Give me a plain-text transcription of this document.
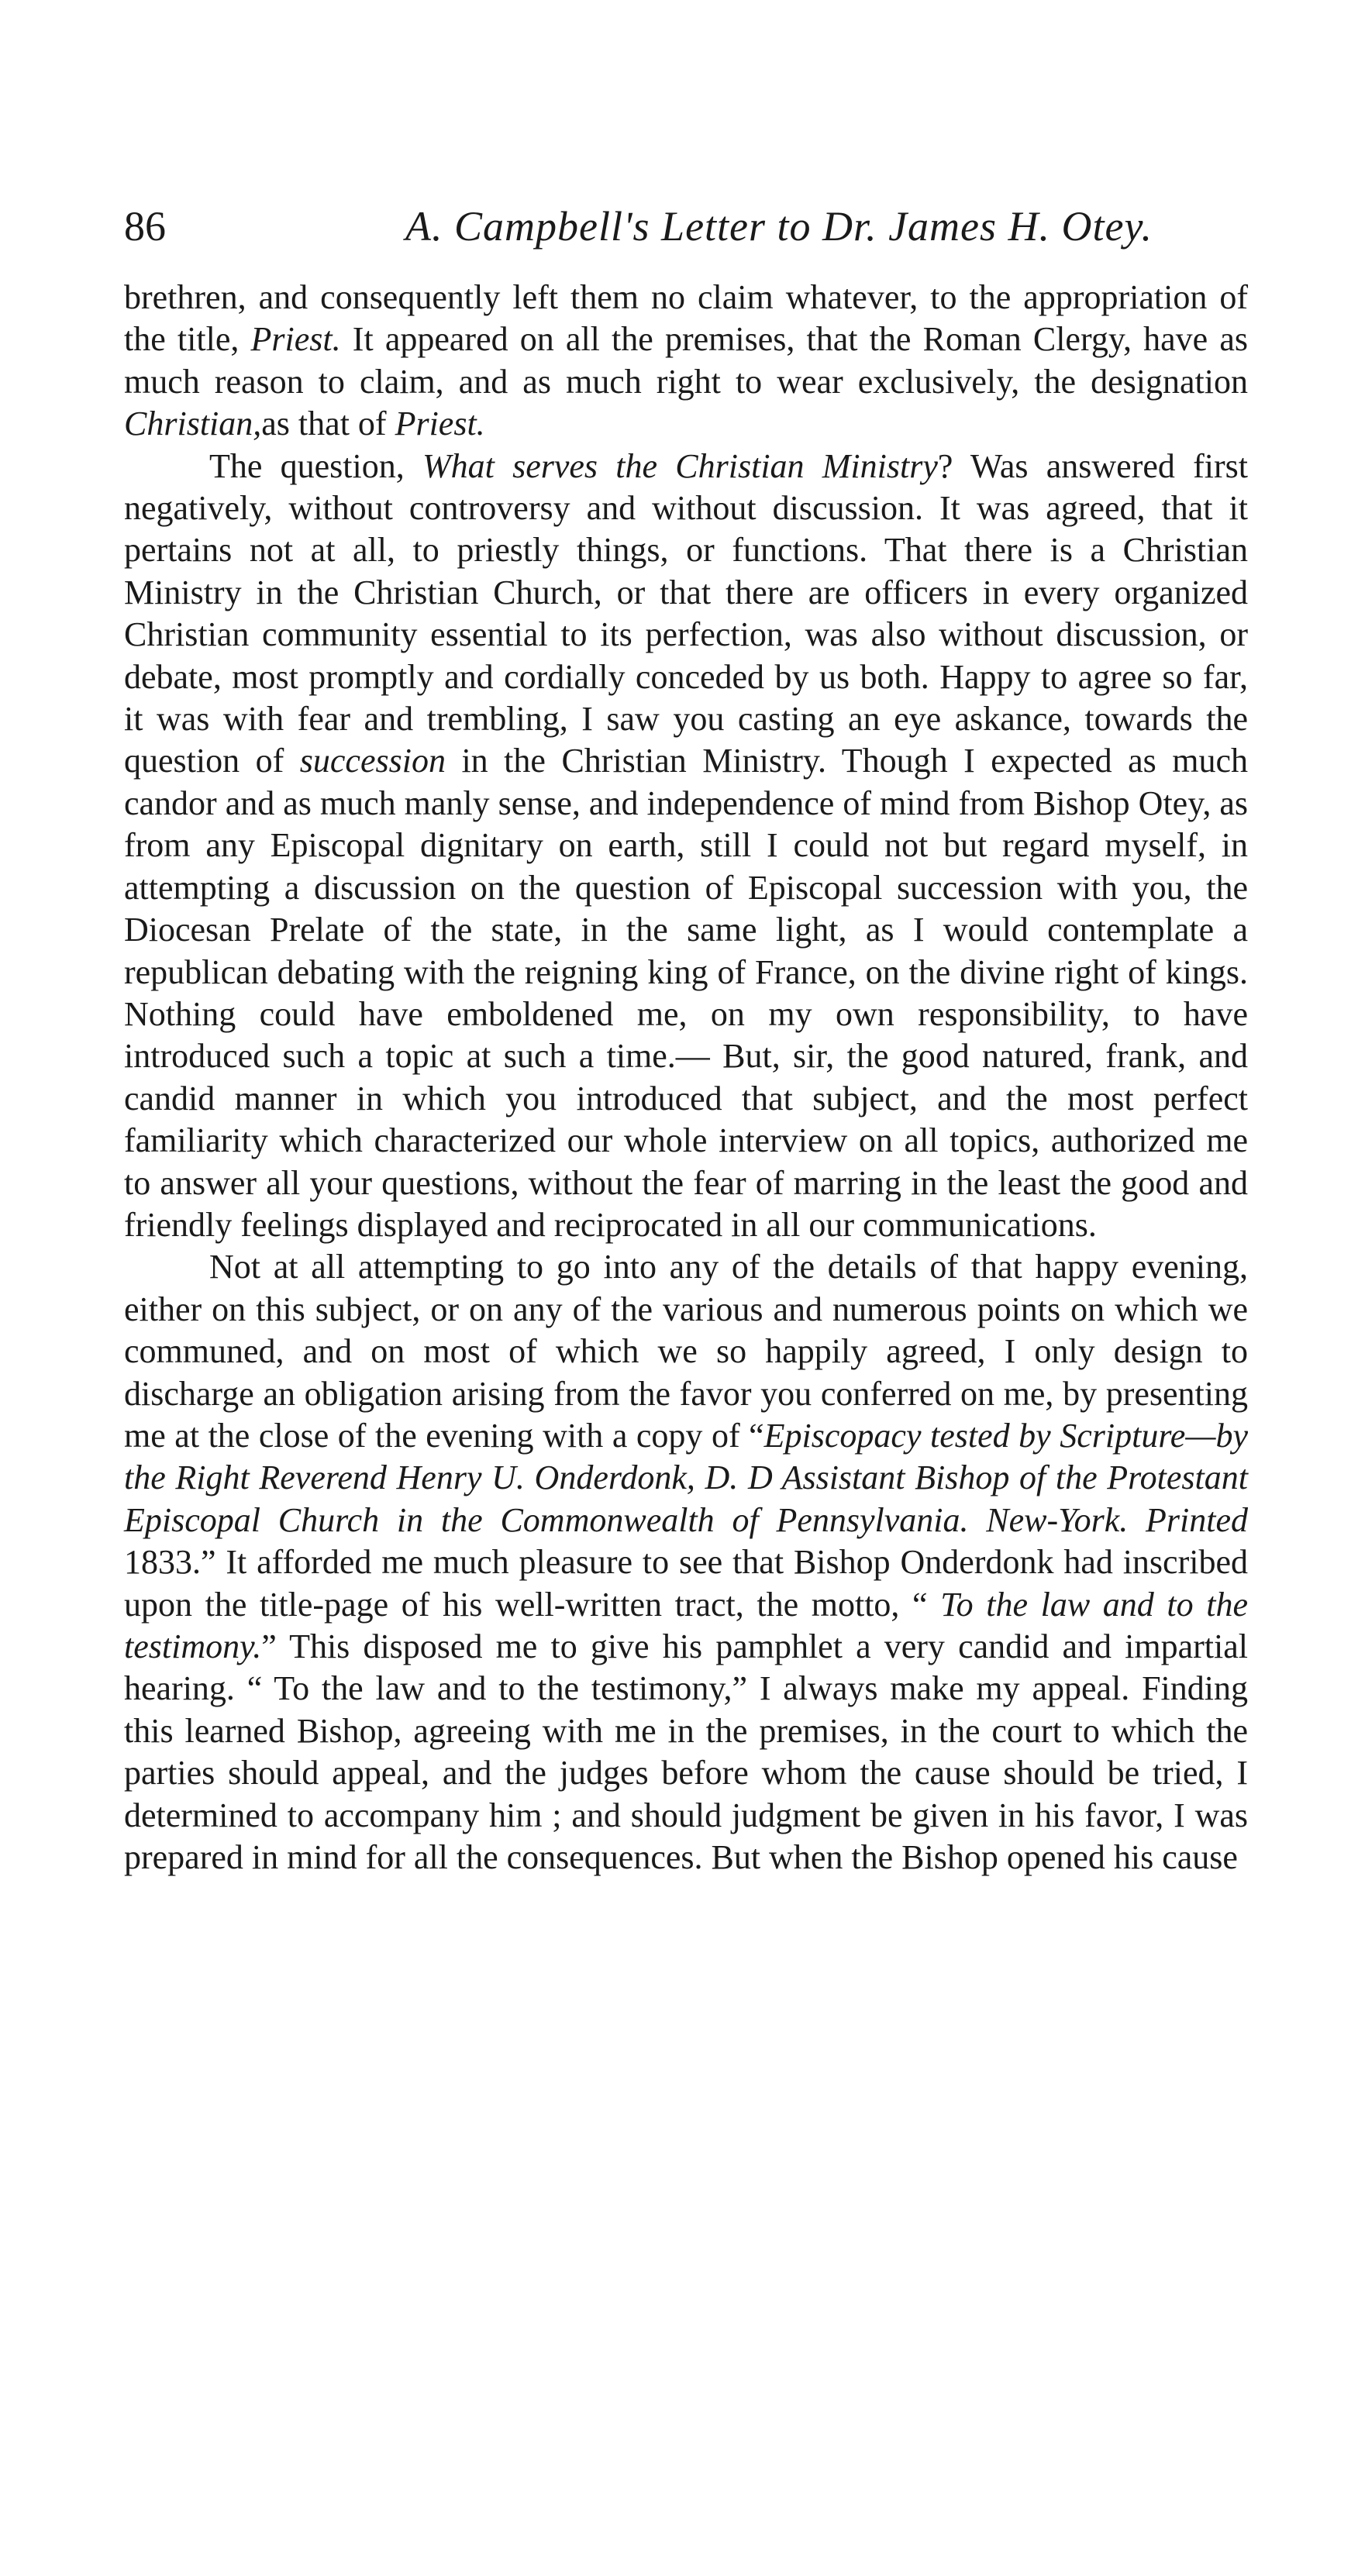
86	A. Campbell's Letter to Dr. James H. Otey.

brethren, and consequently left them no claim whatever, to the appropriation of the title, Priest. It appeared on all the premises, that the Roman Clergy, have as much reason to claim, and as much right to wear exclusively, the designation Christian,as that of Priest.

The question, What serves the Christian Ministry? Was answered first negatively, without controversy and without discussion. It was agreed, that it pertains not at all, to priestly things, or functions. That there is a Christian Ministry in the Christian Church, or that there are officers in every organized Christian community essential to its perfection, was also without discussion, or debate, most promptly and cordially conceded by us both. Happy to agree so far, it was with fear and trembling, I saw you casting an eye askance, towards the question of succession in the Christian Ministry. Though I expected as much candor and as much manly sense, and independence of mind from Bishop Otey, as from any Episcopal dignitary on earth, still I could not but regard myself, in attempting a discussion on the question of Episcopal succession with you, the Diocesan Prelate of the state, in the same light, as I would contemplate a republican debating with the reigning king of France, on the divine right of kings. Nothing could have emboldened me, on my own responsibility, to have introduced such a topic at such a time.— But, sir, the good natured, frank, and candid manner in which you introduced that subject, and the most perfect familiarity which characterized our whole interview on all topics, authorized me to answer all your questions, without the fear of marring in the least the good and friendly feelings displayed and reciprocated in all our communications.

Not at all attempting to go into any of the details of that happy evening, either on this subject, or on any of the various and numerous points on which we communed, and on most of which we so happily agreed, I only design to discharge an obligation arising from the favor you conferred on me, by presenting me at the close of the evening with a copy of “Episcopacy tested by Scripture—by the Right Reverend Henry U. Onderdonk, D. D Assistant Bishop of the Protestant Episcopal Church in the Commonwealth of Pennsylvania. New-York. Printed 1833.” It afforded me much pleasure to see that Bishop Onderdonk had inscribed upon the title-page of his well-written tract, the motto, “ To the law and to the testimony.” This disposed me to give his pamphlet a very candid and impartial hearing. “ To the law and to the testimony,” I always make my appeal. Finding this learned Bishop, agreeing with me in the premises, in the court to which the parties should appeal, and the judges before whom the cause should be tried, I determined to accompany him ; and should judgment be given in his favor, I was prepared in mind for all the consequences. But when the Bishop opened his cause
